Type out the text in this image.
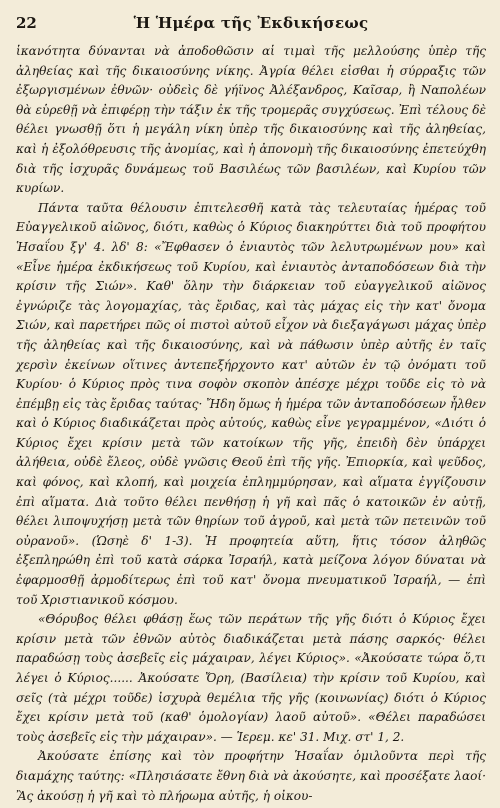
22	Ἡ Ἡμέρα τῆς Ἐκδικήσεως

ἱκανότητα δύνανται νὰ ἀποδοθῶσιν αἱ τιμαὶ τῆς μελλούσης ὑπὲρ τῆς ἀληθείας καὶ τῆς δικαιοσύνης νίκης. Ἀγρία θέλει εἰσθαι ἡ σύρραξις τῶν ἐξωργισμένων ἐθνῶν· οὐδεὶς δὲ γήϊνος Ἀλέξανδρος, Καῖσαρ, ἢ Ναπολέων θὰ εὑρεθῇ νὰ ἐπιφέρῃ τὴν τάξιν ἐκ τῆς τρομερᾶς συγχύσεως. Ἐπὶ τέλους δὲ θέλει γνωσθῇ ὅτι ἡ μεγάλη νίκη ὑπὲρ τῆς δικαιοσύνης καὶ τῆς ἀληθείας, καὶ ἡ ἐξολόθρευσις τῆς ἀνομίας, καὶ ἡ ἀπονομὴ τῆς δικαιοσύνης ἐπετεύχθη διὰ τῆς ἰσχυρᾶς δυνάμεως τοῦ Βασιλέως τῶν βασιλέων, καὶ Κυρίου τῶν κυρίων.

Πάντα ταῦτα θέλουσιν ἐπιτελεσθῆ κατὰ τὰς τελευταίας ἡμέρας τοῦ Εὐαγγελικοῦ αἰῶνος, διότι, καθὼς ὁ Κύριος διακηρύττει διὰ τοῦ προφήτου Ἡσαΐου ξγ' 4. λδ' 8: «Ἔφθασεν ὁ ἐνιαυτὸς τῶν λελυτρωμένων μου» καὶ «Εἶνε ἡμέρα ἐκδικήσεως τοῦ Κυρίου, καὶ ἐνιαυτὸς ἀνταποδόσεων διὰ τὴν κρίσιν τῆς Σιών». Καθ' ὅλην τὴν διάρκειαν τοῦ εὐαγγελικοῦ αἰῶνος ἐγνώριζε τὰς λογομαχίας, τὰς ἔριδας, καὶ τὰς μάχας εἰς τὴν κατ' ὄνομα Σιών, καὶ παρετήρει πῶς οἱ πιστοὶ αὐτοῦ εἶχον νὰ διεξαγάγωσι μάχας ὑπὲρ τῆς ἀληθείας καὶ τῆς δικαιοσύνης, καὶ νὰ πάθωσιν ὑπὲρ αὐτῆς ἐν ταῖς χερσὶν ἐκείνων οἵτινες ἀντεπεξήρχοντο κατ' αὐτῶν ἐν τῷ ὀνόματι τοῦ Κυρίου· ὁ Κύριος πρὸς τινα σοφὸν σκοπὸν ἀπέσχε μέχρι τοῦδε εἰς τὸ νὰ ἐπέμβῃ εἰς τὰς ἔριδας ταύτας· Ἤδη ὅμως ἡ ἡμέρα τῶν ἀνταποδόσεων ἦλθεν καὶ ὁ Κύριος διαδικάζεται πρὸς αὐτούς, καθὼς εἶνε γεγραμμένον, «Διότι ὁ Κύριος ἔχει κρίσιν μετὰ τῶν κατοίκων τῆς γῆς, ἐπειδὴ δὲν ὑπάρχει ἀλήθεια, οὐδὲ ἔλεος, οὐδὲ γνῶσις Θεοῦ ἐπὶ τῆς γῆς. Ἐπιορκία, καὶ ψεῦδος, καὶ φόνος, καὶ κλοπή, καὶ μοιχεία ἐπλημμύρησαν, καὶ αἵματα ἐγγίζουσιν ἐπὶ αἵματα. Διὰ τοῦτο θέλει πενθήσῃ ἡ γῆ καὶ πᾶς ὁ κατοικῶν ἐν αὐτῇ, θέλει λιποψυχήσῃ μετὰ τῶν θηρίων τοῦ ἀγροῦ, καὶ μετὰ τῶν πετεινῶν τοῦ οὐρανοῦ». (Ὡσηὲ δ' 1-3). Ἡ προφητεία αὕτη, ἥτις τόσον ἀληθῶς ἐξεπληρώθη ἐπὶ τοῦ κατὰ σάρκα Ἰσραήλ, κατὰ μείζονα λόγον δύναται νὰ ἐφαρμοσθῇ ἀρμοδίτερως ἐπὶ τοῦ κατ' ὄνομα πνευματικοῦ Ἰσραήλ, — ἐπὶ τοῦ Χριστιανικοῦ κόσμου.

«Θόρυβος θέλει φθάσῃ ἕως τῶν περάτων τῆς γῆς διότι ὁ Κύριος ἔχει κρίσιν μετὰ τῶν ἐθνῶν αὐτὸς διαδικάζεται μετὰ πάσης σαρκός· θέλει παραδώσῃ τοὺς ἀσεβεῖς εἰς μάχαιραν, λέγει Κύριος». «Ἀκούσατε τώρα ὅ,τι λέγει ὁ Κύριος...... Ἀκούσατε Ὄρη, (Βασίλεια) τὴν κρίσιν τοῦ Κυρίου, καὶ σεῖς (τὰ μέχρι τοῦδε) ἰσχυρὰ θεμέλια τῆς γῆς (κοινωνίας) διότι ὁ Κύριος ἔχει κρίσιν μετὰ τοῦ (καθ' ὁμολογίαν) λαοῦ αὐτοῦ». «Θέλει παραδώσει τοὺς ἀσεβεῖς εἰς τὴν μάχαιραν». — Ἱερεμ. κε' 31. Μιχ. στ' 1, 2.

Ἀκούσατε ἐπίσης καὶ τὸν προφήτην Ἡσαΐαν ὁμιλοῦντα περὶ τῆς διαμάχης ταύτης: «Πλησιάσατε ἔθνη διὰ νὰ ἀκούσητε, καὶ προσέξατε λαοί· Ἂς ἀκούσῃ ἡ γῆ καὶ τὸ πλήρωμα αὐτῆς, ἡ οἰκου-
